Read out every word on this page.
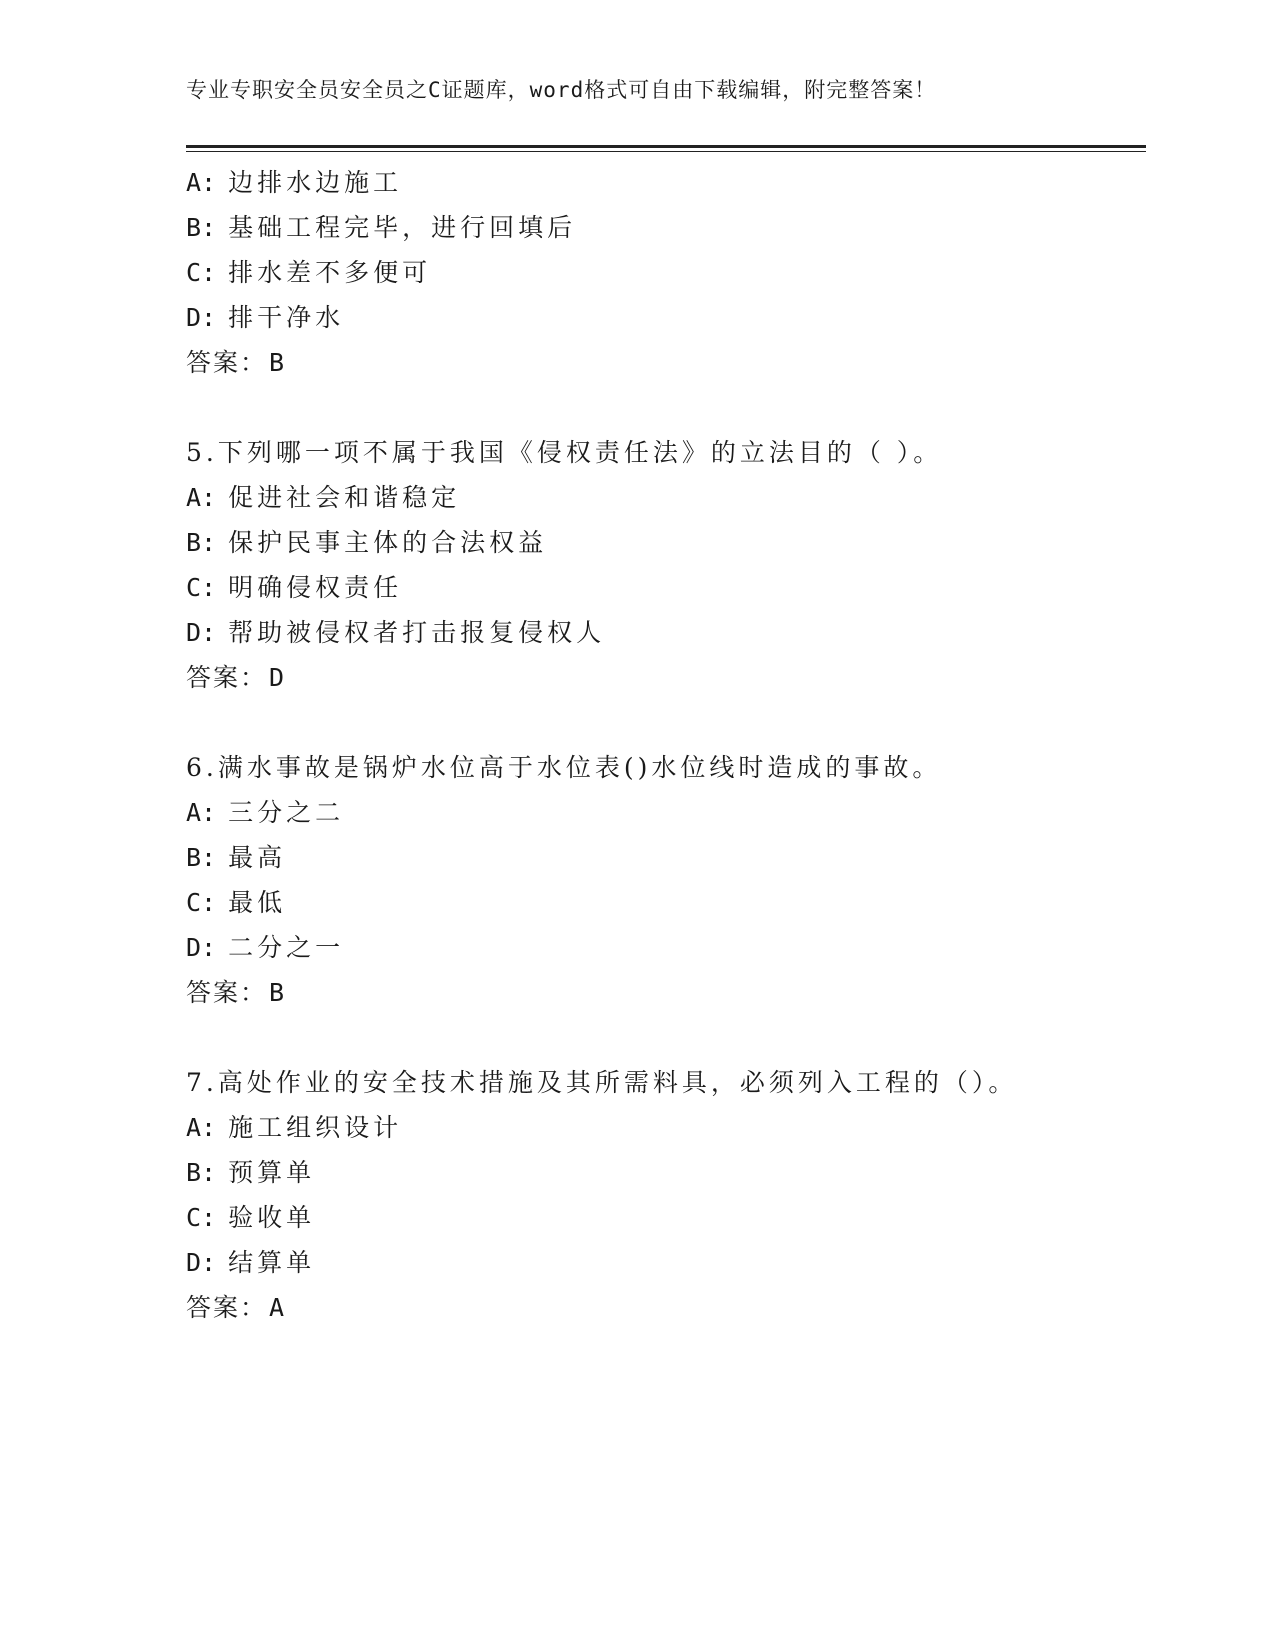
专业专职安全员安全员之C证题库，word格式可自由下载编辑，附完整答案！
A: 边排水边施工
B: 基础工程完毕，进行回填后
C: 排水差不多便可
D: 排干净水
答案：B
5.下列哪一项不属于我国《侵权责任法》的立法目的（ ）。
A: 促进社会和谐稳定
B: 保护民事主体的合法权益
C: 明确侵权责任
D: 帮助被侵权者打击报复侵权人
答案：D
6.满水事故是锅炉水位高于水位表()水位线时造成的事故。
A: 三分之二
B: 最高
C: 最低
D: 二分之一
答案：B
7.高处作业的安全技术措施及其所需料具，必须列入工程的（）。
A: 施工组织设计
B: 预算单
C: 验收单
D: 结算单
答案：A
